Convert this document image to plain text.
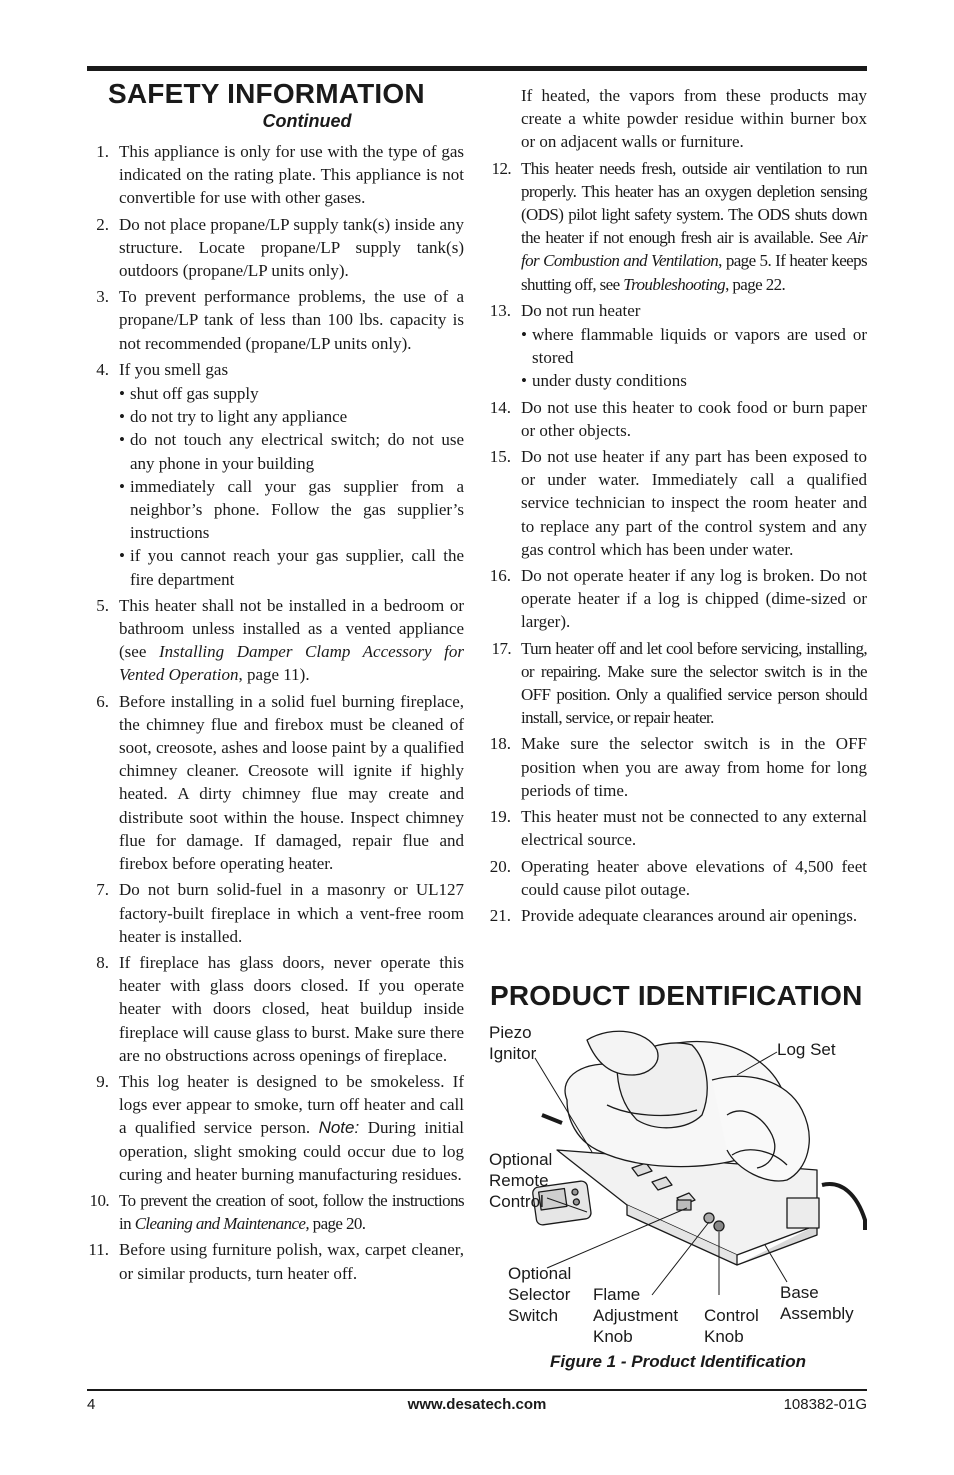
SAFETY INFORMATION
Continued
1. This appliance is only for use with the type of gas indicated on the rating plate. This appliance is not convertible for use with other gases.
2. Do not place propane/LP supply tank(s) inside any structure. Locate propane/LP supply tank(s) outdoors (propane/LP units only).
3. To prevent performance problems, the use of a propane/LP tank of less than 100 lbs. capacity is not recommended (propane/LP units only).
4. If you smell gas
• shut off gas supply
• do not try to light any appliance
• do not touch any electrical switch; do not use any phone in your building
• immediately call your gas supplier from a neighbor’s phone. Follow the gas supplier’s instructions
• if you cannot reach your gas supplier, call the fire department
5. This heater shall not be installed in a bedroom or bathroom unless installed as a vented appliance (see Installing Damper Clamp Accessory for Vented Operation, page 11).
6. Before installing in a solid fuel burning fireplace, the chimney flue and firebox must be cleaned of soot, creosote, ashes and loose paint by a qualified chimney cleaner. Creosote will ignite if highly heated. A dirty chimney flue may create and distribute soot within the house. Inspect chimney flue for damage. If damaged, repair flue and firebox before operating heater.
7. Do not burn solid-fuel in a masonry or UL127 factory-built fireplace in which a vent-free room heater is installed.
8. If fireplace has glass doors, never operate this heater with glass doors closed. If you operate heater with doors closed, heat buildup inside fireplace will cause glass to burst. Make sure there are no obstructions across openings of fireplace.
9. This log heater is designed to be smokeless. If logs ever appear to smoke, turn off heater and call a qualified service person. Note: During initial operation, slight smoking could occur due to log curing and heater burning manufacturing residues.
10. To prevent the creation of soot, follow the instructions in Cleaning and Maintenance, page 20.
11. Before using furniture polish, wax, carpet cleaner, or similar products, turn heater off.
If heated, the vapors from these products may create a white powder residue within burner box or on adjacent walls or furniture.
12. This heater needs fresh, outside air ventilation to run properly. This heater has an oxygen depletion sensing (ODS) pilot light safety system. The ODS shuts down the heater if not enough fresh air is available. See Air for Combustion and Ventilation, page 5. If heater keeps shutting off, see Troubleshooting, page 22.
13. Do not run heater
• where flammable liquids or vapors are used or stored
• under dusty conditions
14. Do not use this heater to cook food or burn paper or other objects.
15. Do not use heater if any part has been exposed to or under water. Immediately call a qualified service technician to inspect the room heater and to replace any part of the control system and any gas control which has been under water.
16. Do not operate heater if any log is broken. Do not operate heater if a log is chipped (dime-sized or larger).
17. Turn heater off and let cool before servicing, installing, or repairing. Make sure the selector switch is in the OFF position. Only a qualified service person should install, service, or repair heater.
18. Make sure the selector switch is in the OFF position when you are away from home for long periods of time.
19. This heater must not be connected to any external electrical source.
20. Operating heater above elevations of 4,500 feet could cause pilot outage.
21. Provide adequate clearances around air openings.
PRODUCT IDENTIFICATION
Piezo
Ignitor	Log Set
Optional
Remote
Control
Optional
Selector
Switch
Flame
Adjustment
Knob
Control
Knob
Base
Assembly
Figure 1 - Product Identification
4	www.desatech.com	108382-01G
